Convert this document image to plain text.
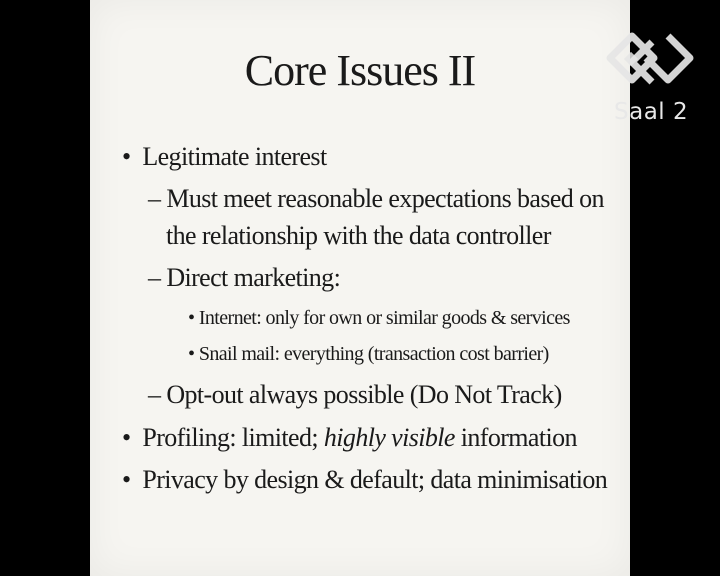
Core Issues II
• Legitimate interest
– Must meet reasonable expectations based on
the relationship with the data controller
– Direct marketing:
• Internet: only for own or similar goods & services
• Snail mail: everything (transaction cost barrier)
– Opt-out always possible (Do Not Track)
• Profiling: limited; highly visible information
• Privacy by design & default; data minimisation
Saal 2
